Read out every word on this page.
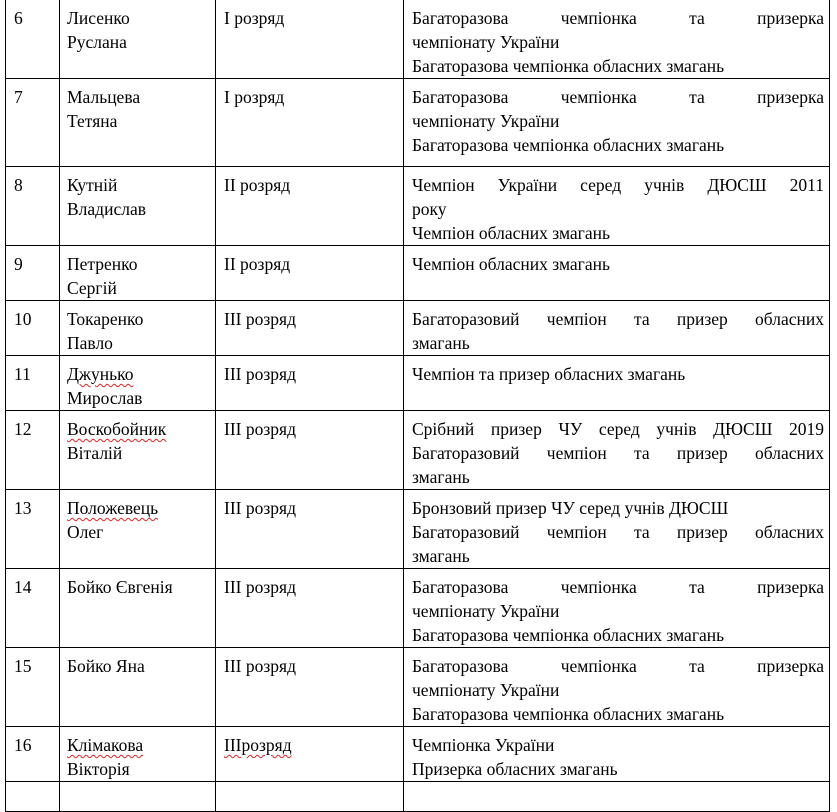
6	Лисенко
Руслана	І розряд	Багаторазова чемпіонка та призерка
чемпіонату України
Багаторазова чемпіонка обласних змагань

7	Мальцева
Тетяна	І розряд	Багаторазова чемпіонка та призерка
чемпіонату України
Багаторазова чемпіонка обласних змагань

8	Кутній
Владислав	ІІ розряд	Чемпіон України серед учнів ДЮСШ 2011
року
Чемпіон обласних змагань

9	Петренко
Сергій	ІІ розряд	Чемпіон обласних змагань

10	Токаренко
Павло	ІІІ розряд	Багаторазовий чемпіон та призер обласних
змагань

11	Джунько
Мирослав	ІІІ розряд	Чемпіон та призер обласних змагань

12	Воскобойник
Віталій	ІІІ розряд	Срібний призер ЧУ серед учнів ДЮСШ 2019
Багаторазовий чемпіон та призер обласних
змагань

13	Положевець
Олег	ІІІ розряд	Бронзовий призер ЧУ серед учнів ДЮСШ
Багаторазовий чемпіон та призер обласних
змагань

14	Бойко Євгенія	ІІІ розряд	Багаторазова чемпіонка та призерка
чемпіонату України
Багаторазова чемпіонка обласних змагань

15	Бойко Яна	ІІІ розряд	Багаторазова чемпіонка та призерка
чемпіонату України
Багаторазова чемпіонка обласних змагань

16	Клімакова
Вікторія	ІІІрозряд	Чемпіонка України
Призерка обласних змагань
